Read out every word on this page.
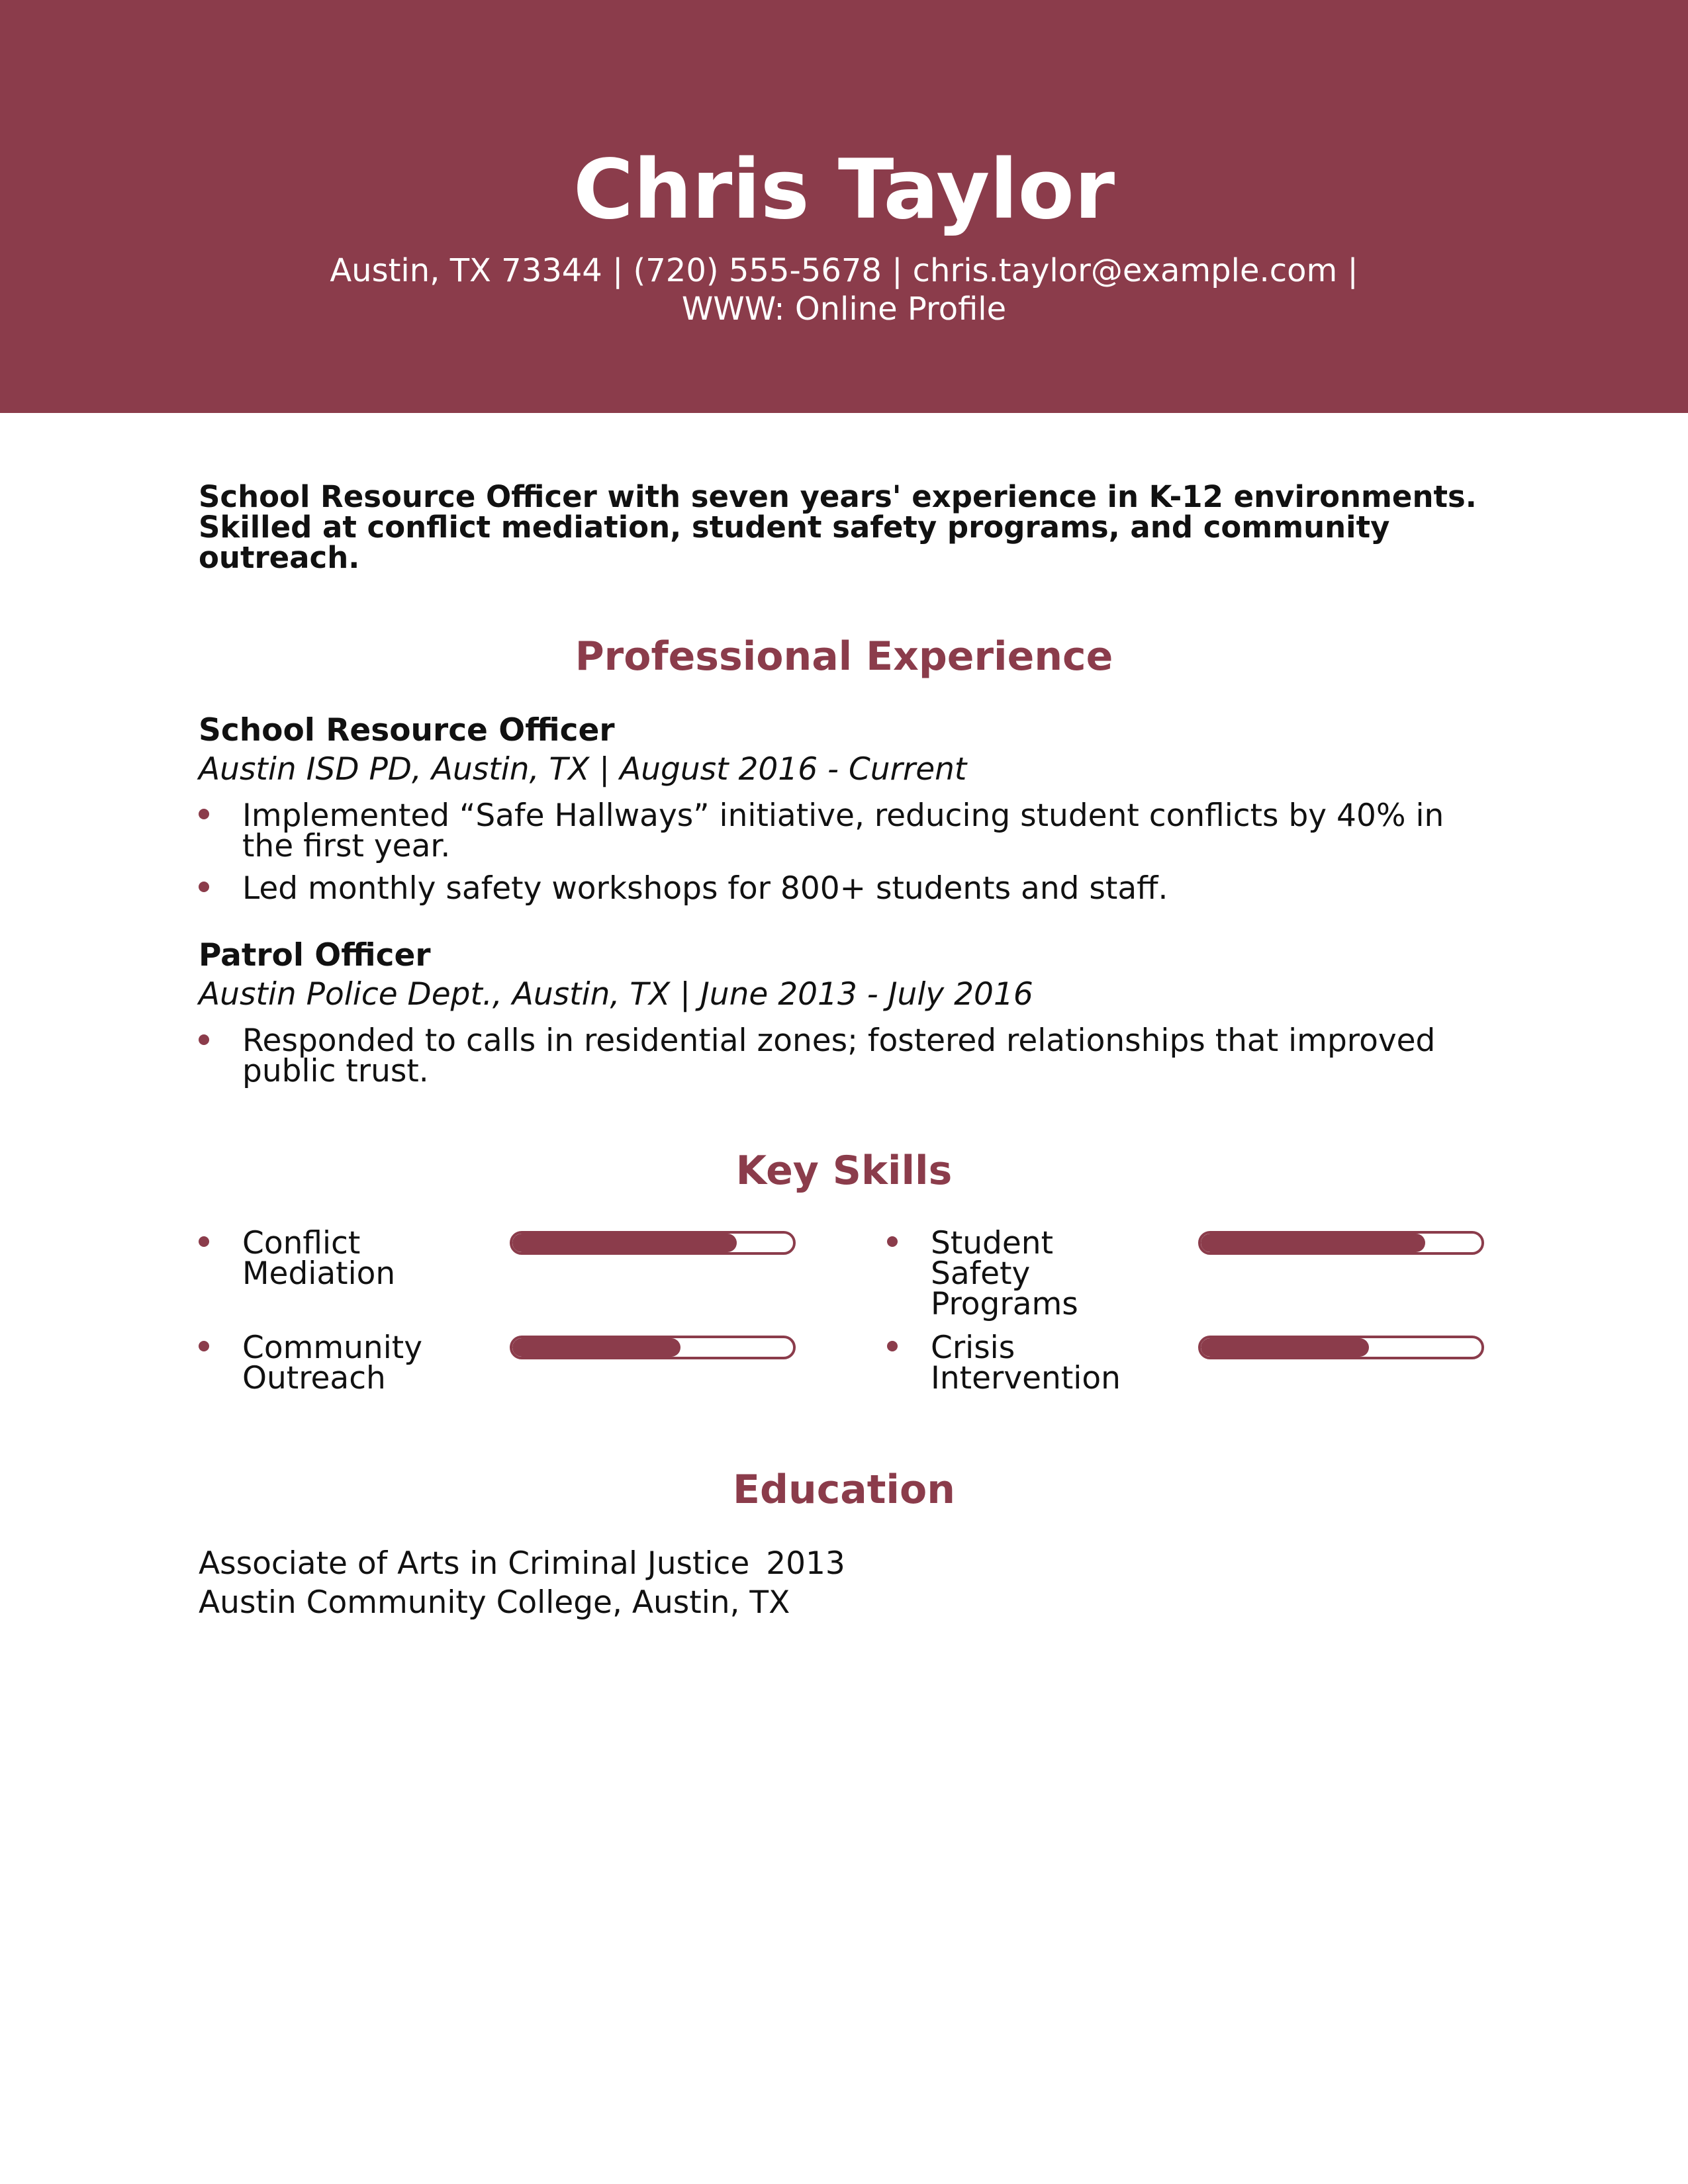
Chris Taylor
Austin, TX 73344 | (720) 555-5678 | chris.taylor@example.com |
WWW: Online Profile
School Resource Officer with seven years' experience in K-12 environments. Skilled at conflict mediation, student safety programs, and community outreach.
Professional Experience
School Resource Officer
Austin ISD PD, Austin, TX | August 2016 - Current
Implemented “Safe Hallways” initiative, reducing student conflicts by 40% in the first year.
Led monthly safety workshops for 800+ students and staff.
Patrol Officer
Austin Police Dept., Austin, TX | June 2013 - July 2016
Responded to calls in residential zones; fostered relationships that improved public trust.
Key Skills
Conflict Mediation
Student Safety Programs
Community Outreach
Crisis Intervention
Education
Associate of Arts in Criminal Justice 2013
Austin Community College, Austin, TX
